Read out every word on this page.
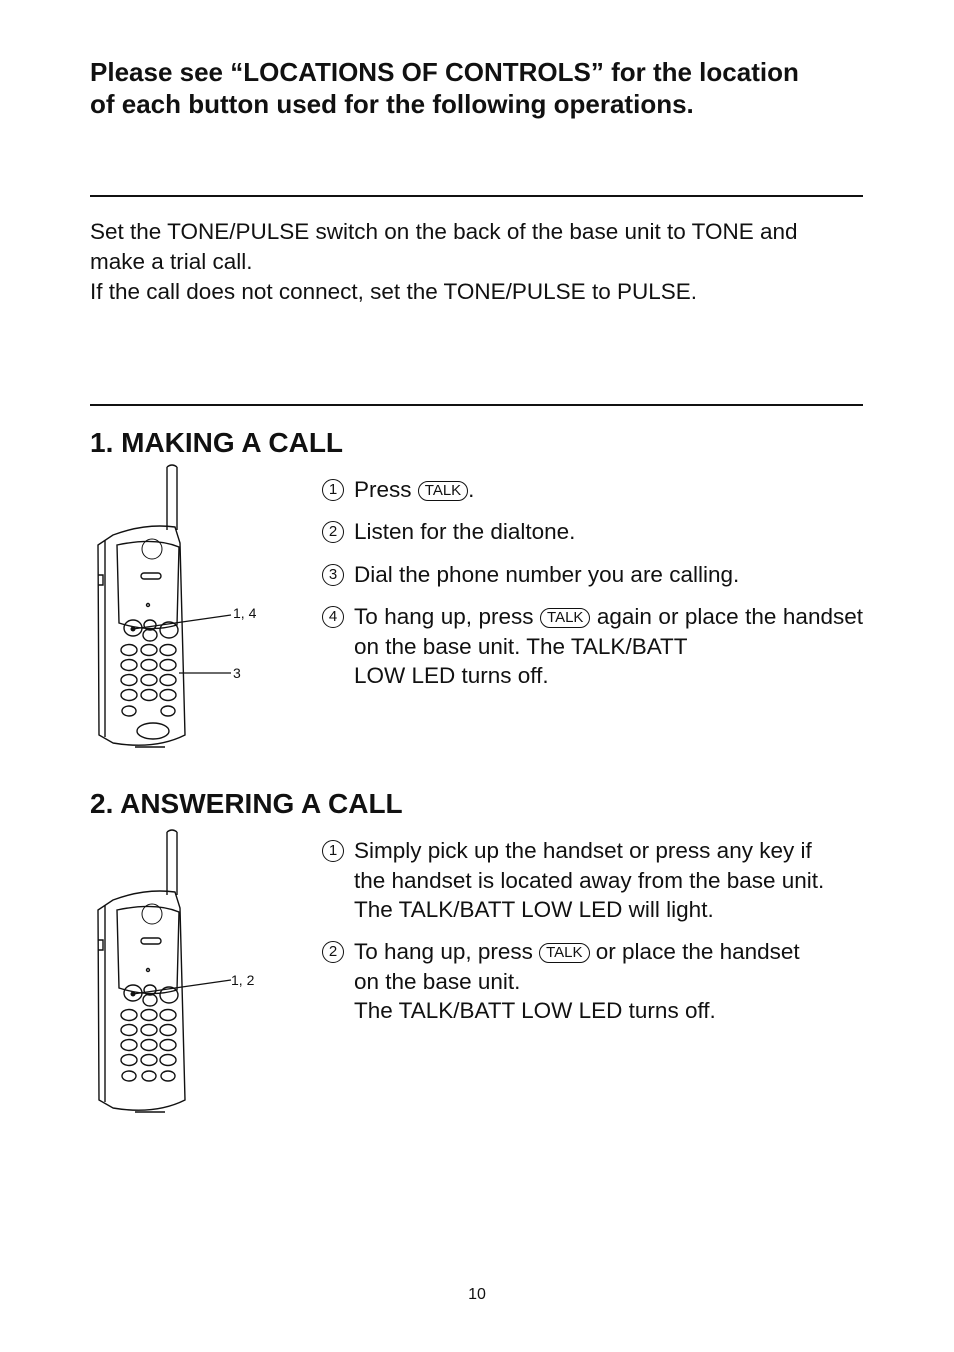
Please see “LOCATIONS OF CONTROLS” for the location
of each button used for the following operations.
Set the TONE/PULSE switch on the back of the base unit to TONE and
make a trial call.
If the call does not connect, set the TONE/PULSE to PULSE.
1. MAKING A CALL
1, 4
3
1 Press TALK .
2 Listen for the dialtone.
3 Dial the phone number you are calling.
4 To hang up, press TALK again or place the handset on the base unit. The TALK/BATT
LOW LED turns off.
2. ANSWERING A CALL
1, 2
1 Simply pick up the handset or press any key if
the handset is located away from the base unit.
The TALK/BATT LOW LED will light.
2 To hang up, press TALK or place the handset
on the base unit.
The TALK/BATT LOW LED turns off.
10
